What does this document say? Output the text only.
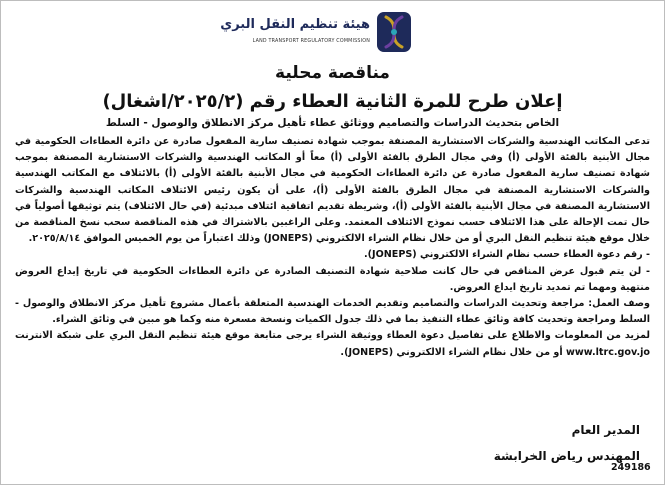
هيئة تنظيم النقل البري
LAND TRANSPORT REGULATORY COMMISSION
مناقصة محلية
إعلان طرح للمرة الثانية العطاء رقم (٢٠٢٥/٢/اشغال)
الخاص بتحديث الدراسات والتصاميم ووثائق عطاء تأهيل مركز الانطلاق والوصول - السلط

تدعى المكاتب الهندسية والشركات الاستشارية المصنفة بموجب شهادة تصنيف سارية المفعول صادرة عن دائرة العطاءات الحكومية في مجال الأبنية بالفئة الأولى (أ) وفي مجال الطرق بالفئة الأولى (أ) معاً أو المكاتب الهندسية والشركات الاستشارية المصنفة بموجب شهادة تصنيف سارية المفعول صادرة عن دائرة العطاءات الحكومية في مجال الأبنية بالفئة الأولى (أ) بالائتلاف مع المكاتب الهندسية والشركات الاستشارية المصنفة في مجال الطرق بالفئة الأولى (أ)، على أن يكون رئيس الائتلاف المكاتب الهندسية والشركات الاستشارية المصنفة في مجال الأبنية بالفئة الأولى (أ)، وشريطة تقديم اتفاقية ائتلاف مبدئية (في حال الائتلاف) يتم توثيقها أصولياً في حال تمت الإحالة على هذا الائتلاف حسب نموذج الائتلاف المعتمد. وعلى الراغبين بالاشتراك في هذه المناقصة سحب نسخ المناقصة من خلال موقع هيئة تنظيم النقل البري أو من خلال نظام الشراء الالكتروني (JONEPS) وذلك اعتباراً من يوم الخميس الموافق ٢٠٢٥/٨/١٤.

- رقم دعوة العطاء حسب نظام الشراء الالكتروني (JONEPS).

- لن يتم قبول عرض المناقص في حال كانت صلاحية شهادة التصنيف الصادرة عن دائرة العطاءات الحكومية في تاريخ إيداع العروض منتهية ومهما تم تمديد تاريخ ايداع العروض.

وصف العمل: مراجعة وتحديث الدراسات والتصاميم وتقديم الخدمات الهندسية المتعلقة بأعمال مشروع تأهيل مركز الانطلاق والوصول - السلط ومراجعة وتحديث كافة وثائق عطاء التنفيذ بما في ذلك جدول الكميات ونسخة مسعرة منه وكما هو مبين في وثائق الشراء.

لمزيد من المعلومات والاطلاع على تفاصيل دعوة العطاء ووثيقة الشراء يرجى متابعة موقع هيئة تنظيم النقل البري على شبكة الانترنت www.ltrc.gov.jo أو من خلال نظام الشراء الالكتروني (JONEPS).

المدير العام
المهندس رياض الخرابشة
249186
